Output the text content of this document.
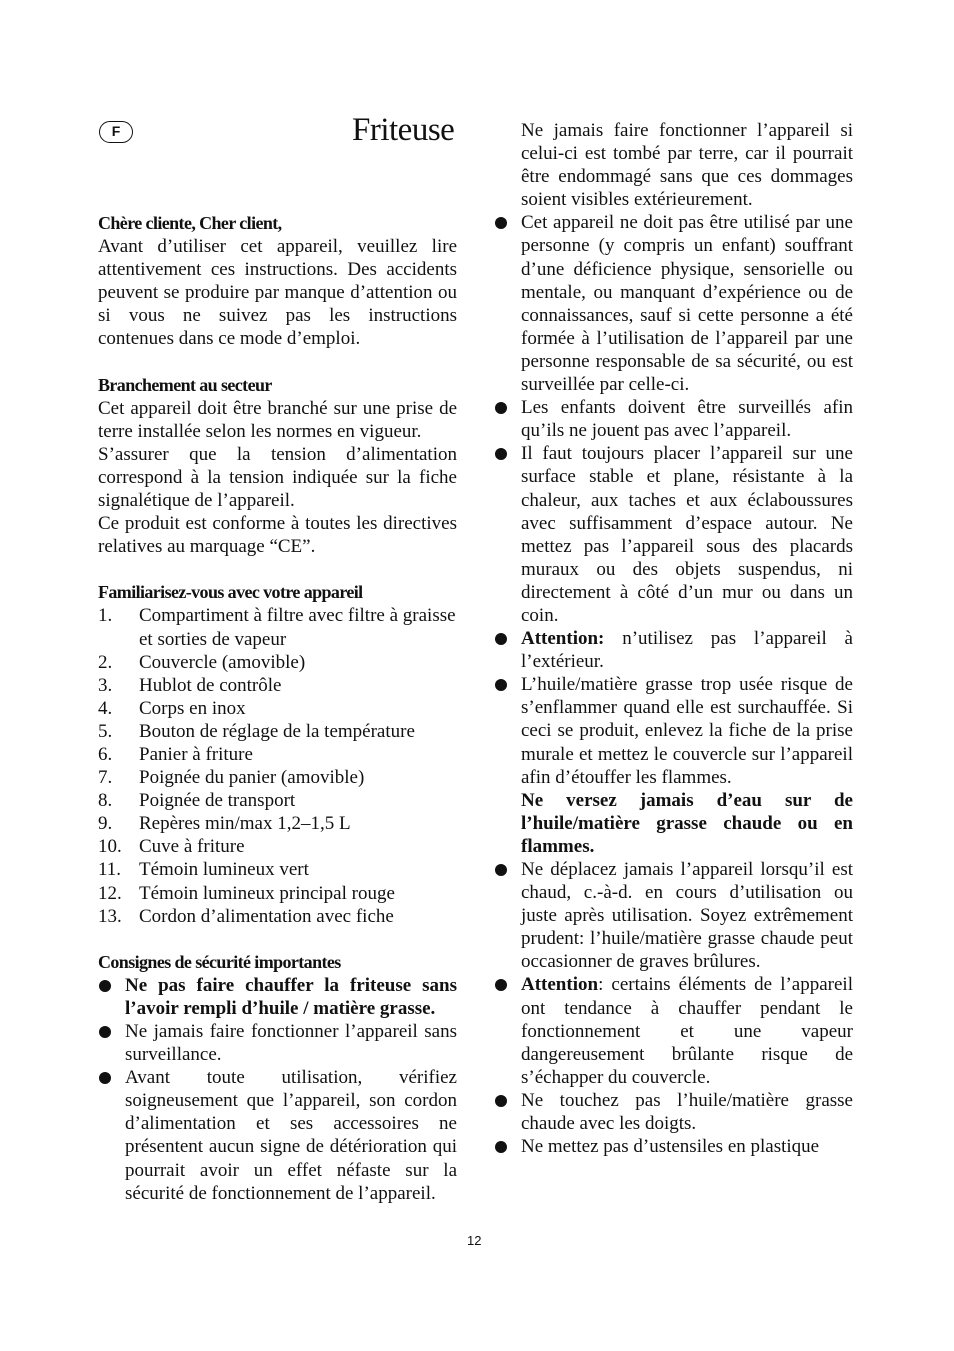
F	Friteuse

Chère cliente, Cher client,

Avant d’utiliser cet appareil, veuillez lire attentivement ces instructions. Des accidents peuvent se produire par manque d’attention ou si vous ne suivez pas les instructions contenues dans ce mode d’emploi.

Branchement au secteur

Cet appareil doit être branché sur une prise de terre installée selon les normes en vigueur.

S’assurer que la tension d’alimentation correspond à la tension indiquée sur la fiche signalétique de l’appareil.

Ce produit est conforme à toutes les directives relatives au marquage “CE”.

Familiarisez-vous avec votre appareil

1. Compartiment à filtre avec filtre à graisse et sorties de vapeur
2. Couvercle (amovible)
3. Hublot de contrôle
4. Corps en inox
5. Bouton de réglage de la température
6. Panier à friture
7. Poignée du panier (amovible)
8. Poignée de transport
9. Repères min/max 1,2–1,5 L
10. Cuve à friture
11. Témoin lumineux vert
12. Témoin lumineux principal rouge
13. Cordon d’alimentation avec fiche

Consignes de sécurité importantes

Ne pas faire chauffer la friteuse sans l’avoir rempli d’huile / matière grasse.
Ne jamais faire fonctionner l’appareil sans surveillance.
Avant toute utilisation, vérifiez soigneusement que l’appareil, son cordon d’alimentation et ses accessoires ne présentent aucun signe de détérioration qui pourrait avoir un effet néfaste sur la sécurité de fonctionnement de l’appareil.

Ne jamais faire fonctionner l’appareil si celui-ci est tombé par terre, car il pourrait être endommagé sans que ces dommages soient visibles extérieurement.

Cet appareil ne doit pas être utilisé par une personne (y compris un enfant) souffrant d’une déficience physique, sensorielle ou mentale, ou manquant d’expérience ou de connaissances, sauf si cette personne a été formée à l’utilisation de l’appareil par une personne responsable de sa sécurité, ou est surveillée par celle-ci.
Les enfants doivent être surveillés afin qu’ils ne jouent pas avec l’appareil.
Il faut toujours placer l’appareil sur une surface stable et plane, résistante à la chaleur, aux taches et aux éclaboussures avec suffisamment d’espace autour. Ne mettez pas l’appareil sous des placards muraux ou des objets suspendus, ni directement à côté d’un mur ou dans un coin.
Attention: n’utilisez pas l’appareil à l’extérieur.
L’huile/matière grasse trop usée risque de s’enflammer quand elle est surchauffée. Si ceci se produit, enlevez la fiche de la prise murale et mettez le couvercle sur l’appareil afin d’étouffer les flammes.
Ne versez jamais d’eau sur de l’huile/matière grasse chaude ou en flammes.
Ne déplacez jamais l’appareil lorsqu’il est chaud, c.-à-d. en cours d’utilisation ou juste après utilisation. Soyez extrêmement prudent: l’huile/matière grasse chaude peut occasionner de graves brûlures.
Attention: certains éléments de l’appareil ont tendance à chauffer pendant le fonctionnement et une vapeur dangereusement brûlante risque de s’échapper du couvercle.
Ne touchez pas l’huile/matière grasse chaude avec les doigts.
Ne mettez pas d’ustensiles en plastique
12
